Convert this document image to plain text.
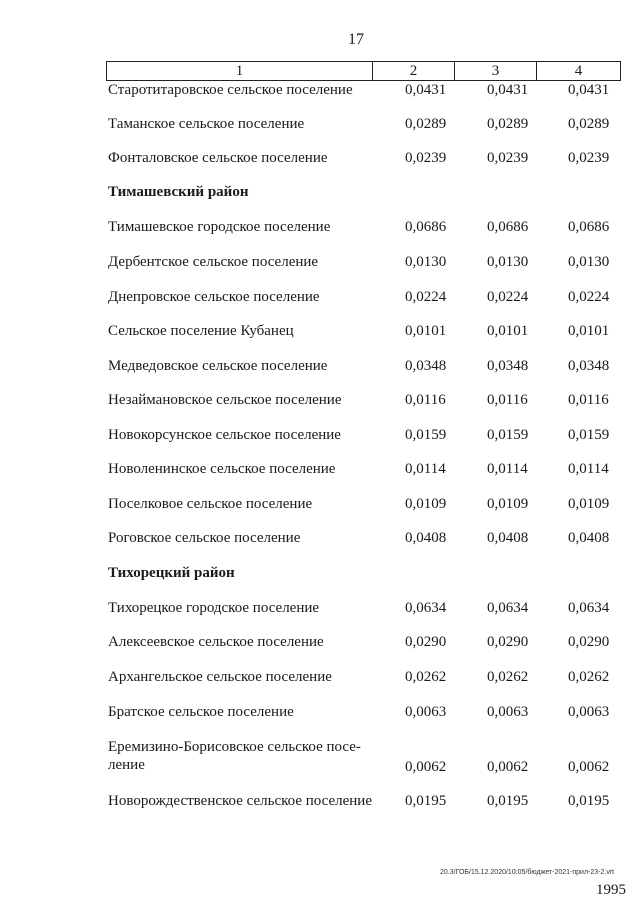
17
1	2	3	4
Старотитаровское сельское поселение	0,0431	0,0431	0,0431
Таманское сельское поселение	0,0289	0,0289	0,0289
Фонталовское сельское поселение	0,0239	0,0239	0,0239
Тимашевский район
Тимашевское городское поселение	0,0686	0,0686	0,0686
Дербентское сельское поселение	0,0130	0,0130	0,0130
Днепровское сельское поселение	0,0224	0,0224	0,0224
Сельское поселение Кубанец	0,0101	0,0101	0,0101
Медведовское сельское поселение	0,0348	0,0348	0,0348
Незаймановское сельское поселение	0,0116	0,0116	0,0116
Новокорсунское сельское поселение	0,0159	0,0159	0,0159
Новоленинское сельское поселение	0,0114	0,0114	0,0114
Поселковое сельское поселение	0,0109	0,0109	0,0109
Роговское сельское поселение	0,0408	0,0408	0,0408
Тихорецкий район
Тихорецкое городское поселение	0,0634	0,0634	0,0634
Алексеевское сельское поселение	0,0290	0,0290	0,0290
Архангельское сельское поселение	0,0262	0,0262	0,0262
Братское сельское поселение	0,0063	0,0063	0,0063
Еремизино-Борисовское сельское посе-
ление	0,0062	0,0062	0,0062
Новорождественское сельское поселение	0,0195	0,0195	0,0195
20.3/ГОБ/15.12.2020/10:05/бюджет-2021-прил-23-2.vrt
1995
